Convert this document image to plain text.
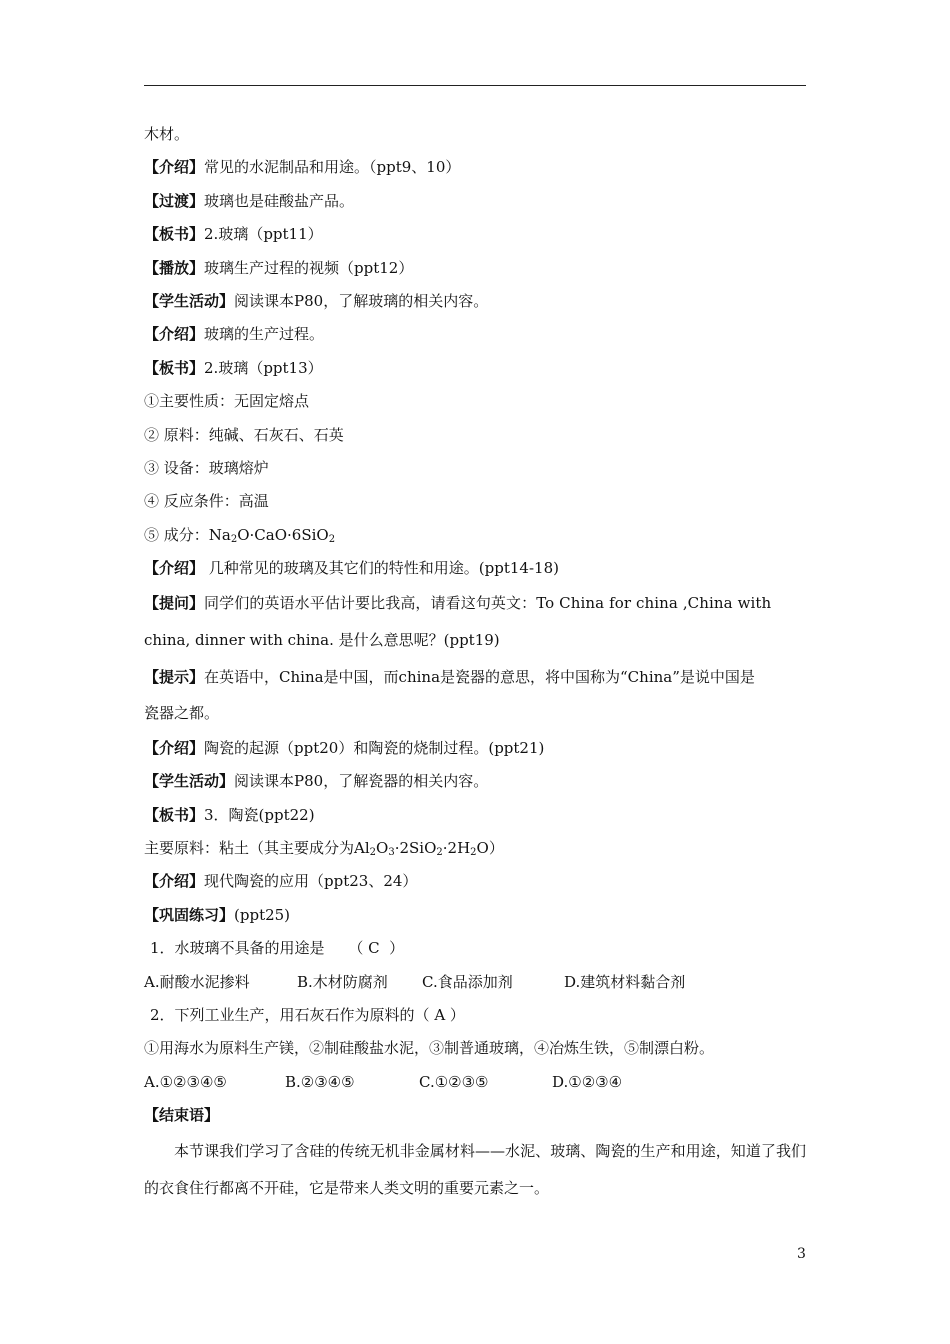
木材。
【介绍】常见的水泥制品和用途。（ppt9、10）
【过渡】玻璃也是硅酸盐产品。
【板书】2.玻璃（ppt11）
【播放】玻璃生产过程的视频（ppt12）
【学生活动】阅读课本P80，了解玻璃的相关内容。
【介绍】玻璃的生产过程。
【板书】2.玻璃（ppt13）
①主要性质：无固定熔点
② 原料：纯碱、石灰石、石英
③ 设备：玻璃熔炉
④ 反应条件：高温
⑤ 成分：$Na_2O\cdot CaO\cdot 6SiO_2$
【介绍】 几种常见的玻璃及其它们的特性和用途。(ppt14-18)
【提问】同学们的英语水平估计要比我高，请看这句英文：To China for china ,China with
china, dinner with china. 是什么意思呢？(ppt19)
【提示】在英语中，China是中国，而china是瓷器的意思，将中国称为“China”是说中国是
瓷器之都。
【介绍】陶瓷的起源（ppt20）和陶瓷的烧制过程。(ppt21)
【学生活动】阅读课本P80，了解瓷器的相关内容。
【板书】3．陶瓷(ppt22)
主要原料：粘土（其主要成分为$Al_2O_3\cdot 2SiO_2\cdot 2H_2O$）
【介绍】现代陶瓷的应用（ppt23、24）
【巩固练习】(ppt25)
1．水玻璃不具备的用途是     （ C  ）
A.耐酸水泥掺料	B.木材防腐剂 C.食品添加剂	D.建筑材料黏合剂
2．下列工业生产，用石灰石作为原料的（ A ）
①用海水为原料生产镁，②制硅酸盐水泥，③制普通玻璃，④冶炼生铁，⑤制漂白粉。
A.①②③④⑤	B.②③④⑤	C.①②③⑤	D.①②③④
【结束语】
本节课我们学习了含硅的传统无机非金属材料——水泥、玻璃、陶瓷的生产和用途，知道了我们的衣食住行都离不开硅，它是带来人类文明的重要元素之一。
3
